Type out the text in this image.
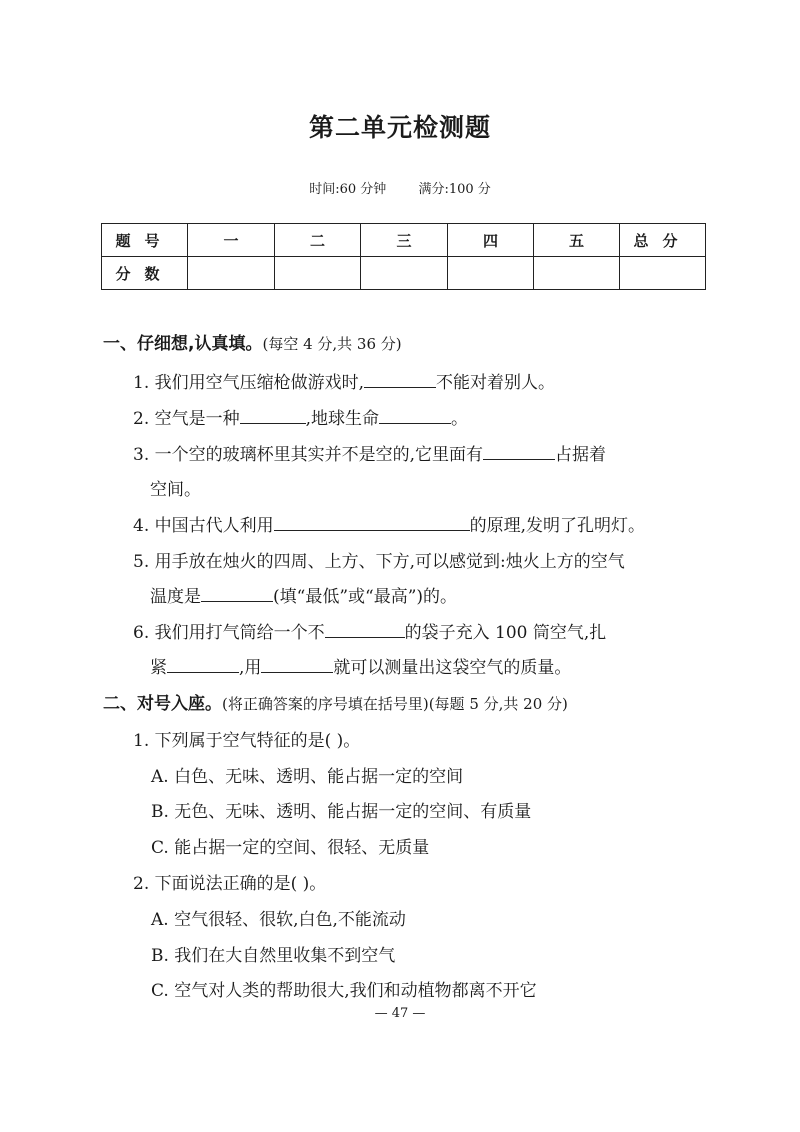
第二单元检测题
时间:60 分钟 满分:100 分
题号	一	二	三	四	五	总分
分数						
一、仔细想,认真填。(每空 4 分,共 36 分)
1. 我们用空气压缩枪做游戏时,	不能对着别人。
2. 空气是一种	,地球生命	。
3. 一个空的玻璃杯里其实并不是空的,它里面有	占据着
空间。
4. 中国古代人利用	的原理,发明了孔明灯。
5. 用手放在烛火的四周、上方、下方,可以感觉到:烛火上方的空气
温度是	(填“最低”或“最高”)的。
6. 我们用打气筒给一个不	的袋子充入 100 筒空气,扎
紧	,用	就可以测量出这袋空气的质量。
二、对号入座。(将正确答案的序号填在括号里)(每题 5 分,共 20 分)
1. 下列属于空气特征的是( )。
A. 白色、无味、透明、能占据一定的空间
B. 无色、无味、透明、能占据一定的空间、有质量
C. 能占据一定的空间、很轻、无质量
2. 下面说法正确的是( )。
A. 空气很轻、很软,白色,不能流动
B. 我们在大自然里收集不到空气
C. 空气对人类的帮助很大,我们和动植物都离不开它
— 47 —
